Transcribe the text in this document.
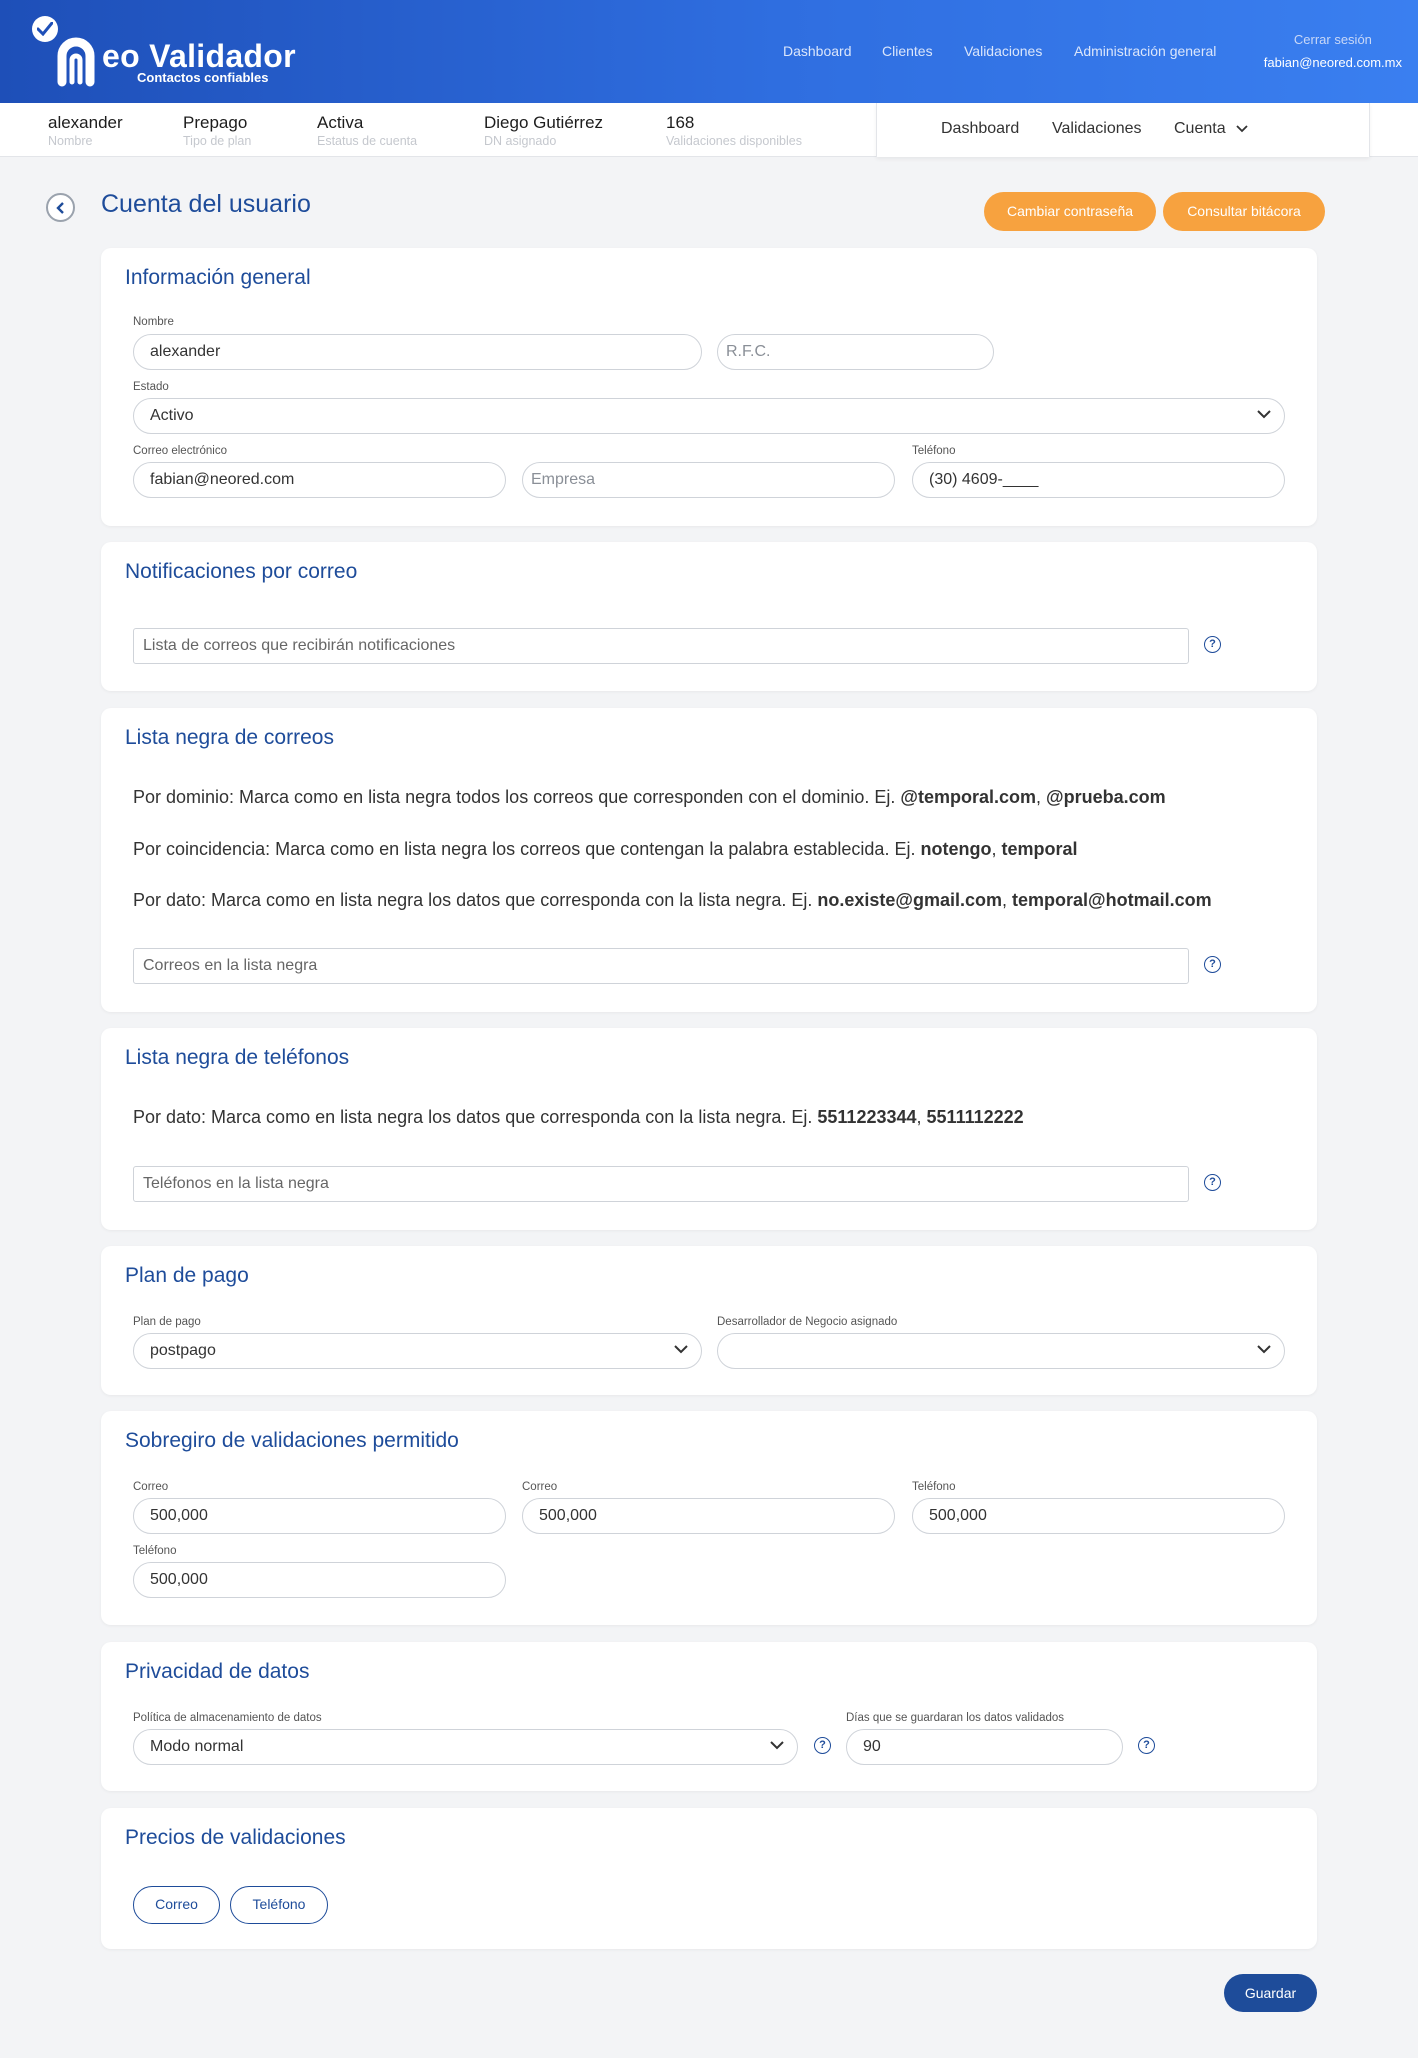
eo Validador
Contactos confiables
Dashboard Clientes Validaciones Administración general
Cerrar sesión
fabian@neored.com.mx
alexander
Nombre
Prepago
Tipo de plan
Activa
Estatus de cuenta
Diego Gutiérrez
DN asignado
168
Validaciones disponibles
Dashboard Validaciones Cuenta
Cuenta del usuario	Cambiar contraseña	Consultar bitácora
Información general
Nombre
alexander	R.F.C.
Estado
Activo
Correo electrónico
fabian@neored.com	Empresa
Teléfono
(30) 4609-____
Notificaciones por correo
Lista de correos que recibirán notificaciones	?
Lista negra de correos
Por dominio: Marca como en lista negra todos los correos que corresponden con el dominio. Ej. @temporal.com, @prueba.com
Por coincidencia: Marca como en lista negra los correos que contengan la palabra establecida. Ej. notengo, temporal
Por dato: Marca como en lista negra los datos que corresponda con la lista negra. Ej. no.existe@gmail.com, temporal@hotmail.com
Correos en la lista negra	?
Lista negra de teléfonos
Por dato: Marca como en lista negra los datos que corresponda con la lista negra. Ej. 5511223344, 5511112222
Teléfonos en la lista negra	?
Plan de pago
Plan de pago
postpago
Desarrollador de Negocio asignado
Sobregiro de validaciones permitido
Correo
500,000
Correo
500,000
Teléfono
500,000
Teléfono
500,000
Privacidad de datos
Política de almacenamiento de datos
Modo normal	?
Días que se guardaran los datos validados
90	?
Precios de validaciones
Correo	Teléfono
Guardar
